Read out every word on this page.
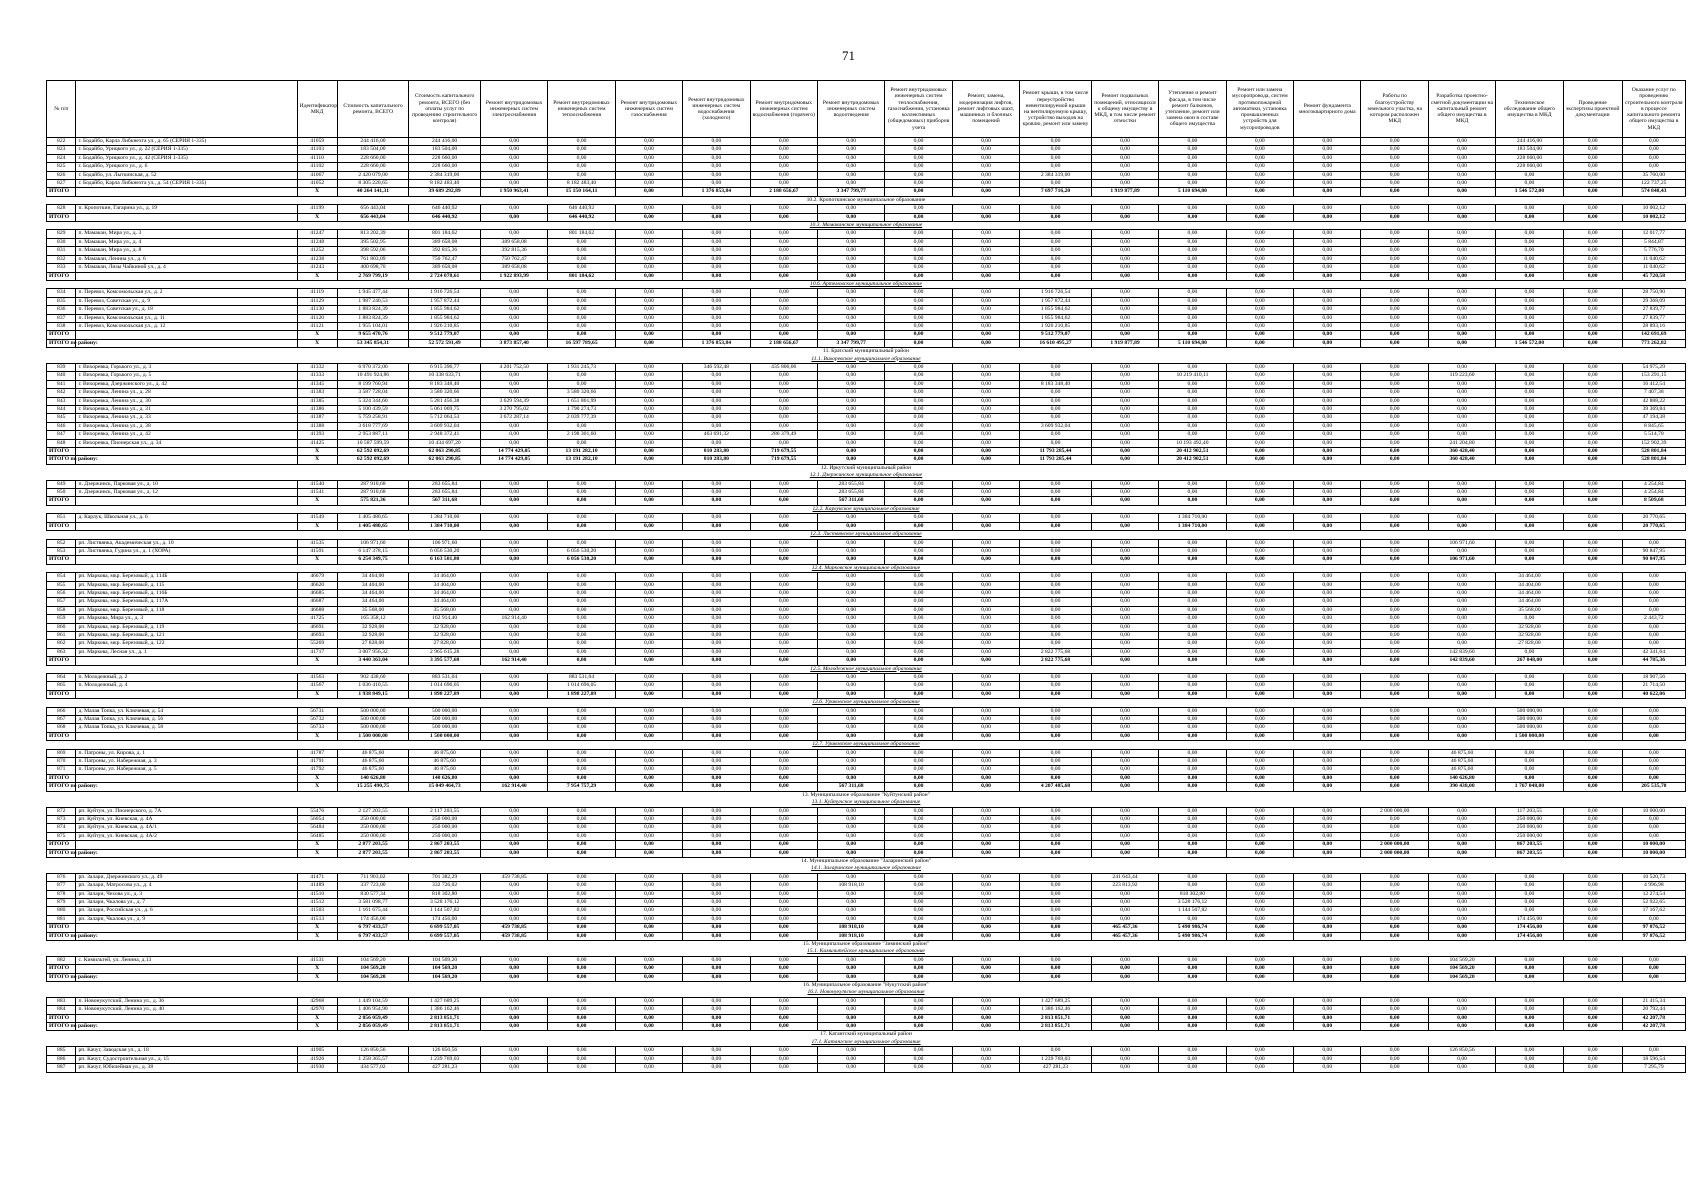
71
№ п/п		Идентификатор МКД	Стоимость капитального ремонта, ВСЕГО	Стоимость капитального ремонта, ВСЕГО (без оплаты услуг по проведению строительного контроля)	Ремонт внутридомовых инженерных систем электроснабжения	Ремонт внутридомовых инженерных систем теплоснабжения	Ремонт внутридомовых инженерных систем газоснабжения	Ремонт внутридомовых инженерных систем водоснабжения (холодного)	Ремонт внутридомовых инженерных систем водоснабжения (горячего)	Ремонт внутридомовых инженерных систем водоотведения	Ремонт внутридомовых инженерных систем теплоснабжения, газоснабжения, установка коллективных (общедомовых) приборов учета	Ремонт, замена, модернизация лифтов, ремонт лифтовых шахт, машинных и блочных помещений	Ремонт крыши, в том числе переустройство невентилируемой крыши на вентилируемую крышу, устройство выходов на кровлю, ремонт или замену	Ремонт подвальных помещений, относящихся к общему имуществу в МКД, в том числе ремонт отмостки	Утепление и ремонт фасада, в том числе ремонт балконов, утепление, ремонт или замена окон в составе общего имущества	Ремонт или замена мусоропровода, систем противопожарной автоматики, установка промышленных устройств для мусоропроводов	Ремонт фундамента многоквартирного дома	Работы по благоустройству земельного участка, на котором расположен МКД	Разработка проектно-сметной документации на капитальный ремонт общего имущества в МКД	Техническое обследование общего имущества в МКД	Проведение экспертизы проектной документации	Оказание услуг по проведению строительного контроля в процессе капитального ремонта общего имущества в МКД
822	г. Бодайбо, Карла Либкнехта ул., д. 65 (СЕРИЯ 1-335)	41059	244 416,00	244 416,00	0,00	0,00	0,00	0,00	0,00	0,00	0,00	0,00	0,00	0,00	0,00	0,00	0,00	0,00	0,00	244 416,00	0,00	0,00
823	г. Бодайбо, Урицкого ул., д. 22 (СЕРИЯ 1-335)	41103	183 504,00	183 504,00	0,00	0,00	0,00	0,00	0,00	0,00	0,00	0,00	0,00	0,00	0,00	0,00	0,00	0,00	0,00	183 504,00	0,00	0,00
824	г. Бодайбо, Урицкого ул., д. 42 (СЕРИЯ 1-335)	41110	228 660,00	228 660,00	0,00	0,00	0,00	0,00	0,00	0,00	0,00	0,00	0,00	0,00	0,00	0,00	0,00	0,00	0,00	228 660,00	0,00	0,00
825	г. Бодайбо, Урицкого ул., д. 6	41102	228 660,00	228 660,00	0,00	0,00	0,00	0,00	0,00	0,00	0,00	0,00	0,00	0,00	0,00	0,00	0,00	0,00	0,00	228 660,00	0,00	0,00
826	г. Бодайбо, ул. Лыткинская, д. 52	41067	2 420 079,00	2 384 319,00	0,00	0,00	0,00	0,00	0,00	0,00	0,00	0,00	2 384 319,00	0,00	0,00	0,00	0,00	0,00	0,00	0,00	0,00	35 760,00
827	г. Бодайбо, Карла Либкнехта ул., д. 54 (СЕРИЯ 1-335)	41052	8 305 220,65	8 182 483,40	0,00	8 182 483,40	0,00	0,00	0,00	0,00	0,00	0,00	0,00	0,00	0,00	0,00	0,00	0,00	0,00	0,00	0,00	122 737,25
ИТОГО		X	40 264 141,31	39 689 292,89	1 950 963,41	15 150 164,11	0,00	1 376 853,84	2 188 656,67	3 347 799,77	0,00	0,00	7 697 716,20	1 919 877,89	5 110 694,00	0,00	0,00	0,00	0,00	1 546 572,00	0,00	574 848,43
10.2. Кропоткинское муниципальное образование																						
828	п. Кропоткин, Гагарина ул., д. 19	41199	656 443,04	646 440,92	0,00	646 440,92	0,00	0,00	0,00	0,00	0,00	0,00	0,00	0,00	0,00	0,00	0,00	0,00	0,00	0,00	0,00	10 002,12
ИТОГО		X	656 443,04	646 440,92	0,00	646 440,92	0,00	0,00	0,00	0,00	0,00	0,00	0,00	0,00	0,00	0,00	0,00	0,00	0,00	0,00	0,00	10 002,12
10.3. Мамаканское муниципальное образование																						
829	п. Мамакан, Мира ул., д. 3	41247	813 202,39	801 184,62	0,00	801 184,62	0,00	0,00	0,00	0,00	0,00	0,00	0,00	0,00	0,00	0,00	0,00	0,00	0,00	0,00	0,00	12 017,77
830	п. Мамакан, Мира ул., д. 4	41248	395 502,95	389 658,08	389 658,08	0,00	0,00	0,00	0,00	0,00	0,00	0,00	0,00	0,00	0,00	0,00	0,00	0,00	0,00	0,00	0,00	5 844,87
831	п. Мамакан, Мира ул., д. 8	41252	398 592,06	392 815,36	392 815,36	0,00	0,00	0,00	0,00	0,00	0,00	0,00	0,00	0,00	0,00	0,00	0,00	0,00	0,00	0,00	0,00	5 776,70
832	п. Мамакан, Ленина ул., д. 6	41238	761 803,09	750 762,47	750 762,47	0,00	0,00	0,00	0,00	0,00	0,00	0,00	0,00	0,00	0,00	0,00	0,00	0,00	0,00	0,00	0,00	11 040,62
833	п. Мамакан, Лизы Чайкиной ул., д. 4	41243	400 698,70	389 658,08	389 658,08	0,00	0,00	0,00	0,00	0,00	0,00	0,00	0,00	0,00	0,00	0,00	0,00	0,00	0,00	0,00	0,00	11 040,62
ИТОГО		X	2 769 799,19	2 724 078,61	1 922 893,99	801 184,62	0,00	0,00	0,00	0,00	0,00	0,00	0,00	0,00	0,00	0,00	0,00	0,00	0,00	0,00	0,00	45 720,58
10.6. Артемовское муниципальное образование																						
834	п. Перевоз, Комсомольская ул., д. 2	41119	1 945 477,44	1 916 726,54	0,00	0,00	0,00	0,00	0,00	0,00	0,00	0,00	1 916 726,54	0,00	0,00	0,00	0,00	0,00	0,00	0,00	0,00	28 750,90
835	п. Перевоз, Советская ул., д. 9	41129	1 987 240,53	1 957 872,44	0,00	0,00	0,00	0,00	0,00	0,00	0,00	0,00	1 957 872,44	0,00	0,00	0,00	0,00	0,00	0,00	0,00	0,00	29 368,09
836	п. Перевоз, Советская ул., д. 18	41130	1 883 824,39	1 855 984,62	0,00	0,00	0,00	0,00	0,00	0,00	0,00	0,00	1 855 984,62	0,00	0,00	0,00	0,00	0,00	0,00	0,00	0,00	27 839,77
837	п. Перевоз, Комсомольская ул., д. 11	41120	1 883 824,39	1 855 984,62	0,00	0,00	0,00	0,00	0,00	0,00	0,00	0,00	1 855 984,62	0,00	0,00	0,00	0,00	0,00	0,00	0,00	0,00	27 839,77
838	п. Перевоз, Комсомольская ул., д. 12	41121	1 955 104,01	1 926 210,85	0,00	0,00	0,00	0,00	0,00	0,00	0,00	0,00	1 926 210,85	0,00	0,00	0,00	0,00	0,00	0,00	0,00	0,00	28 893,16
ИТОГО		X	9 655 470,76	9 512 779,07	0,00	0,00	0,00	0,00	0,00	0,00	0,00	0,00	9 512 779,07	0,00	0,00	0,00	0,00	0,00	0,00	0,00	0,00	142 691,69
ИТОГО по району:		X	53 345 854,31	52 572 591,49	3 873 857,40	16 597 789,65	0,00	1 376 853,84	2 188 656,67	3 347 799,77	0,00	0,00	16 610 495,27	1 919 877,89	5 110 694,00	0,00	0,00	0,00	0,00	1 546 572,00	0,00	773 262,82
11. Братский муниципальный район																						
11.1. Вихоревское муниципальное образование																						
839	г. Вихоревка, Горького ул., д. 3	41332	6 970 372,06	6 915 396,77	4 201 752,50	1 931 245,73	0,00	346 592,48	435 806,06	0,00	0,00	0,00	0,00	0,00	0,00	0,00	0,00	0,00	0,00	0,00	0,00	54 975,29
840	г. Вихоревка, Горького ул., д. 5	41333	10 491 924,86	10 338 633,71	0,00	0,00	0,00	0,00	0,00	0,00	0,00	0,00	0,00	0,00	10 219 410,11	0,00	0,00	0,00	119 223,60	0,00	0,00	153 291,15
841	г. Вихоревка, Дзержинского ул., д. 42	41345	8 199 760,94	8 183 348,40	0,00	0,00	0,00	0,00	0,00	0,00	0,00	0,00	8 183 348,40	0,00	0,00	0,00	0,00	0,00	0,00	0,00	0,00	16 412,54
842	г. Вихоревка, Ленина ул., д. 28	41383	3 587 728,04	3 580 320,66	0,00	3 580 320,66	0,00	0,00	0,00	0,00	0,00	0,00	0,00	0,00	0,00	0,00	0,00	0,00	0,00	0,00	0,00	7 407,38
843	г. Вихоревка, Ленина ул., д. 30	41385	5 324 344,60	5 281 456,38	3 629 594,39	1 651 861,99	0,00	0,00	0,00	0,00	0,00	0,00	0,00	0,00	0,00	0,00	0,00	0,00	0,00	0,00	0,00	42 888,22
844	г. Вихоревка, Ленина ул., д. 31	41386	5 100 439,59	5 061 069,75	3 270 795,02	1 790 274,73	0,00	0,00	0,00	0,00	0,00	0,00	0,00	0,00	0,00	0,00	0,00	0,00	0,00	0,00	0,00	39 369,84
845	г. Вихоревка, Ленина ул., д. 33	41387	5 759 258,91	5 712 064,53	3 672 287,14	2 039 777,39	0,00	0,00	0,00	0,00	0,00	0,00	0,00	0,00	0,00	0,00	0,00	0,00	0,00	0,00	0,00	47 194,38
846	г. Вихоревка, Ленина ул., д. 38	41388	3 618 777,69	3 609 932,04	0,00	0,00	0,00	0,00	0,00	0,00	0,00	0,00	3 609 932,04	0,00	0,00	0,00	0,00	0,00	0,00	0,00	0,00	8 845,65
847	г. Вихоревка, Ленина ул., д. 42	41393	2 953 887,11	2 948 372,41	0,00	2 198 301,60	0,00	463 691,32	286 379,49	0,00	0,00	0,00	0,00	0,00	0,00	0,00	0,00	0,00	0,00	0,00	0,00	5 514,70
848	г. Вихоревка, Пионерская ул., д. 34	41425	10 587 599,59	10 434 697,20	0,00	0,00	0,00	0,00	0,00	0,00	0,00	0,00	0,00	0,00	10 193 492,40	0,00	0,00	0,00	241 204,80	0,00	0,00	152 902,39
ИТОГО		X	62 592 092,69	62 063 290,85	14 774 429,05	13 191 282,10	0,00	810 283,80	719 679,55	0,00	0,00	0,00	11 793 285,44	0,00	20 412 902,51	0,00	0,00	0,00	360 428,40	0,00	0,00	528 801,84
ИТОГО по району:		X	62 592 092,69	62 063 290,85	14 774 429,05	13 191 282,10	0,00	810 283,80	719 679,55	0,00	0,00	0,00	11 793 285,44	0,00	20 412 902,51	0,00	0,00	0,00	360 428,40	0,00	0,00	528 801,84
12. Иркутский муниципальный район																						
12.1. Дзержинское муниципальное образование																						
849	п. Дзержинск, Парковая ул., д. 10	41540	287 910,68	283 655,84	0,00	0,00	0,00	0,00	0,00	283 655,84	0,00	0,00	0,00	0,00	0,00	0,00	0,00	0,00	0,00	0,00	0,00	4 254,84
850	п. Дзержинск, Парковая ул., д. 12	41541	287 910,68	283 655,84	0,00	0,00	0,00	0,00	0,00	283 655,84	0,00	0,00	0,00	0,00	0,00	0,00	0,00	0,00	0,00	0,00	0,00	4 254,84
ИТОГО		X	575 821,36	567 311,68	0,00	0,00	0,00	0,00	0,00	567 311,68	0,00	0,00	0,00	0,00	0,00	0,00	0,00	0,00	0,00	0,00	0,00	8 509,68
12.2. Карлукское муниципальное образование																						
851	д. Карлук, Школьная ул., д. 6	41549	1 405 480,65	1 384 710,00	0,00	0,00	0,00	0,00	0,00	0,00	0,00	0,00	0,00	0,00	1 384 710,00	0,00	0,00	0,00	0,00	0,00	0,00	20 770,65
ИТОГО		X	1 405 480,65	1 384 710,00	0,00	0,00	0,00	0,00	0,00	0,00	0,00	0,00	0,00	0,00	1 384 710,00	0,00	0,00	0,00	0,00	0,00	0,00	20 770,65
12.3. Листвянское муниципальное образование																						
852	рп. Листвянка, Академическая ул., д. 10	41535	106 971,60	106 971,60	0,00	0,00	0,00	0,00	0,00	0,00	0,00	0,00	0,00	0,00	0,00	0,00	0,00	0,00	106 971,60	0,00	0,00	0,00
853	рп. Листвянка, Гудина ул., д. 1 (ХОРА)	41591	6 147 378,15	6 056 530,20	0,00	6 056 530,20	0,00	0,00	0,00	0,00	0,00	0,00	0,00	0,00	0,00	0,00	0,00	0,00	0,00	0,00	0,00	90 847,95
ИТОГО		X	6 254 349,75	6 163 501,80	0,00	6 056 530,20	0,00	0,00	0,00	0,00	0,00	0,00	0,00	0,00	0,00	0,00	0,00	0,00	106 971,60	0,00	0,00	90 847,95
12.4. Марковское муниципальное образование																						
854	рп. Маркова, мкр. Березовый, д. 114Б	46679	34 464,00	34 464,00	0,00	0,00	0,00	0,00	0,00	0,00	0,00	0,00	0,00	0,00	0,00	0,00	0,00	0,00	0,00	34 464,00	0,00	0,00
855	рп. Маркова, мкр. Березовый, д. 115	46620	34 404,00	34 404,00	0,00	0,00	0,00	0,00	0,00	0,00	0,00	0,00	0,00	0,00	0,00	0,00	0,00	0,00	0,00	34 404,00	0,00	0,00
856	рп. Маркова, мкр. Березовый, д. 116Б	46685	34 464,00	34 464,00	0,00	0,00	0,00	0,00	0,00	0,00	0,00	0,00	0,00	0,00	0,00	0,00	0,00	0,00	0,00	34 464,00	0,00	0,00
857	рп. Маркова, мкр. Березовый, д. 117А	46687	34 464,00	34 464,00	0,00	0,00	0,00	0,00	0,00	0,00	0,00	0,00	0,00	0,00	0,00	0,00	0,00	0,00	0,00	34 464,00	0,00	0,00
858	рп. Маркова, мкр. Березовый, д. 118	46688	35 568,00	35 568,00	0,00	0,00	0,00	0,00	0,00	0,00	0,00	0,00	0,00	0,00	0,00	0,00	0,00	0,00	0,00	35 568,00	0,00	0,00
859	рп. Маркова, Мира ул., д. 3	41725	165 358,12	162 914,40	162 914,40	0,00	0,00	0,00	0,00	0,00	0,00	0,00	0,00	0,00	0,00	0,00	0,00	0,00	0,00	0,00	0,00	2 443,72
860	рп. Маркова, мкр. Березовый, д. 119	46691	32 928,00	32 928,00	0,00	0,00	0,00	0,00	0,00	0,00	0,00	0,00	0,00	0,00	0,00	0,00	0,00	0,00	0,00	32 928,00	0,00	0,00
861	рп. Маркова, мкр. Березовый, д. 121	46693	32 928,00	32 928,00	0,00	0,00	0,00	0,00	0,00	0,00	0,00	0,00	0,00	0,00	0,00	0,00	0,00	0,00	0,00	32 928,00	0,00	0,00
862	рп. Маркова, мкр. Березовый, д. 122	55269	27 828,00	27 828,00	0,00	0,00	0,00	0,00	0,00	0,00	0,00	0,00	0,00	0,00	0,00	0,00	0,00	0,00	0,00	27 828,00	0,00	0,00
863	рп. Маркова, Лесная ул., д. 1	41717	3 007 956,32	2 965 615,28	0,00	0,00	0,00	0,00	0,00	0,00	0,00	0,00	2 822 775,68	0,00	0,00	0,00	0,00	0,00	142 839,60	0,00	0,00	42 341,64
ИТОГО		X	3 440 363,04	3 395 577,68	162 914,40	0,00	0,00	0,00	0,00	0,00	0,00	0,00	2 822 775,68	0,00	0,00	0,00	0,00	0,00	142 839,60	267 048,00	0,00	44 785,36
12.5. Молодежное муниципальное образование																						
864	п. Молодежный, д. 2	41563	902 438,60	883 531,04	0,00	883 531,04	0,00	0,00	0,00	0,00	0,00	0,00	0,00	0,00	0,00	0,00	0,00	0,00	0,00	0,00	0,00	18 907,56
865	п. Молодежный, д. 4	41567	1 036 410,55	1 014 696,05	0,00	1 014 696,05	0,00	0,00	0,00	0,00	0,00	0,00	0,00	0,00	0,00	0,00	0,00	0,00	0,00	0,00	0,00	21 714,50
ИТОГО		X	1 938 849,15	1 898 227,09	0,00	1 898 227,09	0,00	0,00	0,00	0,00	0,00	0,00	0,00	0,00	0,00	0,00	0,00	0,00	0,00	0,00	0,00	40 622,06
12.6. Уриковское муниципальное образование																						
866	д. Малая Топка, ул. Ключевая, д. 54	56731	500 000,00	500 000,00	0,00	0,00	0,00	0,00	0,00	0,00	0,00	0,00	0,00	0,00	0,00	0,00	0,00	0,00	0,00	500 000,00	0,00	0,00
867	д. Малая Топка, ул. Ключевая, д. 56	56732	500 000,00	500 000,00	0,00	0,00	0,00	0,00	0,00	0,00	0,00	0,00	0,00	0,00	0,00	0,00	0,00	0,00	0,00	500 000,00	0,00	0,00
868	д. Малая Топка, ул. Ключевая, д. 58	56733	500 000,00	500 000,00	0,00	0,00	0,00	0,00	0,00	0,00	0,00	0,00	0,00	0,00	0,00	0,00	0,00	0,00	0,00	500 000,00	0,00	0,00
ИТОГО		X	1 500 000,00	1 500 000,00	0,00	0,00	0,00	0,00	0,00	0,00	0,00	0,00	0,00	0,00	0,00	0,00	0,00	0,00	0,00	1 500 000,00	0,00	0,00
12.7. Уриковское муниципальное образование																						
869	п. Патроны, ул. Кирова, д. 1	41787	46 875,60	46 875,60	0,00	0,00	0,00	0,00	0,00	0,00	0,00	0,00	0,00	0,00	0,00	0,00	0,00	0,00	46 875,60	0,00	0,00	0,00
870	п. Патроны, ул. Набережная, д. 3	41791	46 875,60	46 875,60	0,00	0,00	0,00	0,00	0,00	0,00	0,00	0,00	0,00	0,00	0,00	0,00	0,00	0,00	46 875,60	0,00	0,00	0,00
871	п. Патроны, ул. Набережная, д. 5	41792	46 875,60	46 875,60	0,00	0,00	0,00	0,00	0,00	0,00	0,00	0,00	0,00	0,00	0,00	0,00	0,00	0,00	46 875,60	0,00	0,00	0,00
ИТОГО		X	140 626,80	140 626,80	0,00	0,00	0,00	0,00	0,00	0,00	0,00	0,00	0,00	0,00	0,00	0,00	0,00	0,00	140 626,80	0,00	0,00	0,00
ИТОГО по району:		X	15 255 490,75	15 049 464,73	162 914,40	7 954 757,29	0,00	0,00	0,00	567 311,68	0,00	0,00	4 207 485,68	0,00	0,00	0,00	0,00	0,00	390 438,00	1 767 048,00	0,00	205 535,70
13. Муниципальное образование "Куйтунский район"																						
13.1. Куйтунское муниципальное образование																						
872	рп. Куйтун, ул. Пионерского, д. 7А	55476	2 127 203,55	2 117 203,55	0,00	0,00	0,00	0,00	0,00	0,00	0,00	0,00	0,00	0,00	0,00	0,00	0,00	2 000 000,00	0,00	117 203,55	0,00	10 000,00
873	рп. Куйтун, ул. Киевская, д. 4А	56054	250 000,00	250 000,00	0,00	0,00	0,00	0,00	0,00	0,00	0,00	0,00	0,00	0,00	0,00	0,00	0,00	0,00	0,00	250 000,00	0,00	0,00
874	рп. Куйтун, ул. Киевская, д. 4А/1	56484	250 000,00	250 000,00	0,00	0,00	0,00	0,00	0,00	0,00	0,00	0,00	0,00	0,00	0,00	0,00	0,00	0,00	0,00	250 000,00	0,00	0,00
875	рп. Куйтун, ул. Киевская, д. 4А/2	56485	250 000,00	250 000,00	0,00	0,00	0,00	0,00	0,00	0,00	0,00	0,00	0,00	0,00	0,00	0,00	0,00	0,00	0,00	250 000,00	0,00	0,00
ИТОГО		X	2 877 203,55	2 867 203,55	0,00	0,00	0,00	0,00	0,00	0,00	0,00	0,00	0,00	0,00	0,00	0,00	0,00	2 000 000,00	0,00	867 203,55	0,00	10 000,00
ИТОГО по району:		X	2 877 203,55	2 867 203,55	0,00	0,00	0,00	0,00	0,00	0,00	0,00	0,00	0,00	0,00	0,00	0,00	0,00	2 000 000,00	0,00	867 203,55	0,00	10 000,00
14. Муниципальное образование "Заларинский район"																						
14.1. Заларинское муниципальное образование																						
876	рп. Залари, Дзержинского ул., д. 49	41471	711 903,02	701 382,29	459 738,85	0,00	0,00	0,00	0,00	0,00	0,00	0,00	0,00	241 643,44	0,00	0,00	0,00	0,00	0,00	0,00	0,00	10 520,73
877	рп. Залари, Матросова ул., д. 4	41489	337 723,00	332 726,02	0,00	0,00	0,00	0,00	0,00	108 918,10	0,00	0,00	0,00	223 813,92	0,00	0,00	0,00	0,00	0,00	0,00	0,00	4 996,98
878	рп. Залари, Чехова ул., д. 3	41510	830 577,34	818 302,80	0,00	0,00	0,00	0,00	0,00	0,00	0,00	0,00	0,00	0,00	818 302,80	0,00	0,00	0,00	0,00	0,00	0,00	12 274,54
879	рп. Залари, Чкалова ул., д. 7	41512	3 581 098,77	3 528 176,12	0,00	0,00	0,00	0,00	0,00	0,00	0,00	0,00	0,00	0,00	3 528 176,12	0,00	0,00	0,00	0,00	0,00	0,00	52 922,65
880	рп. Залари, Российская ул., д. 6	41503	1 161 675,44	1 144 507,82	0,00	0,00	0,00	0,00	0,00	0,00	0,00	0,00	0,00	0,00	1 144 507,82	0,00	0,00	0,00	0,00	0,00	0,00	17 167,62
881	рп. Залари, Чкалова ул., д. 9	41513	174 456,00	174 456,00	0,00	0,00	0,00	0,00	0,00	0,00	0,00	0,00	0,00	0,00	0,00	0,00	0,00	0,00	0,00	174 456,00	0,00	0,00
ИТОГО		X	6 797 433,57	6 699 557,05	459 738,85	0,00	0,00	0,00	0,00	108 918,10	0,00	0,00	0,00	465 457,36	5 490 986,74	0,00	0,00	0,00	0,00	174 456,00	0,00	97 876,52
ИТОГО по району:		X	6 797 433,57	6 699 557,05	459 738,85	0,00	0,00	0,00	0,00	108 918,10	0,00	0,00	0,00	465 457,36	5 490 986,74	0,00	0,00	0,00	0,00	174 456,00	0,00	97 876,52
15. Муниципальное образование "Зиминский район"																						
15.1. Кимильтейское муниципальное образование																						
882	с. Кимильтей, ул. Ленина, д.13	41531	104 569,20	104 569,20	0,00	0,00	0,00	0,00	0,00	0,00	0,00	0,00	0,00	0,00	0,00	0,00	0,00	0,00	104 569,20	0,00	0,00	0,00
ИТОГО		X	104 569,20	104 569,20	0,00	0,00	0,00	0,00	0,00	0,00	0,00	0,00	0,00	0,00	0,00	0,00	0,00	0,00	104 569,20	0,00	0,00	0,00
ИТОГО по району:		X	104 569,20	104 569,20	0,00	0,00	0,00	0,00	0,00	0,00	0,00	0,00	0,00	0,00	0,00	0,00	0,00	0,00	104 569,20	0,00	0,00	0,00
16. Муниципальное образование "Нукутский район"																						
16.1. Новонукутское муниципальное образование																						
883	п. Новонукутский, Ленина ул., д. 36	42968	1 449 104,59	1 427 689,25	0,00	0,00	0,00	0,00	0,00	0,00	0,00	0,00	1 427 689,25	0,00	0,00	0,00	0,00	0,00	0,00	0,00	0,00	21 415,34
884	п. Новонукутский, Ленина ул., д. 40	42970	1 406 954,90	1 386 162,46	0,00	0,00	0,00	0,00	0,00	0,00	0,00	0,00	1 386 162,46	0,00	0,00	0,00	0,00	0,00	0,00	0,00	0,00	20 792,44
ИТОГО		X	2 856 059,49	2 813 851,71	0,00	0,00	0,00	0,00	0,00	0,00	0,00	0,00	2 813 851,71	0,00	0,00	0,00	0,00	0,00	0,00	0,00	0,00	42 207,78
ИТОГО по району:		X	2 856 059,49	2 813 851,71	0,00	0,00	0,00	0,00	0,00	0,00	0,00	0,00	2 813 851,71	0,00	0,00	0,00	0,00	0,00	0,00	0,00	0,00	42 207,78
17. Катангский муниципальный район																						
17.1. Катангское муниципальное образование																						
885	рп. Качуг, Заводская ул., д. 18	41905	126 850,56	126 850,56	0,00	0,00	0,00	0,00	0,00	0,00	0,00	0,00	0,00	0,00	0,00	0,00	0,00	0,00	126 850,56	0,00	0,00	0,00
886	рп. Качуг, Судостроительная ул., д. 15	41926	1 258 365,57	1 239 769,03	0,00	0,00	0,00	0,00	0,00	0,00	0,00	0,00	1 239 769,03	0,00	0,00	0,00	0,00	0,00	0,00	0,00	0,00	18 596,54
887	рп. Качуг, Юбилейная ул., д. 38	41930	434 577,02	427 281,23	0,00	0,00	0,00	0,00	0,00	0,00	0,00	0,00	427 281,23	0,00	0,00	0,00	0,00	0,00	0,00	0,00	0,00	7 295,79
